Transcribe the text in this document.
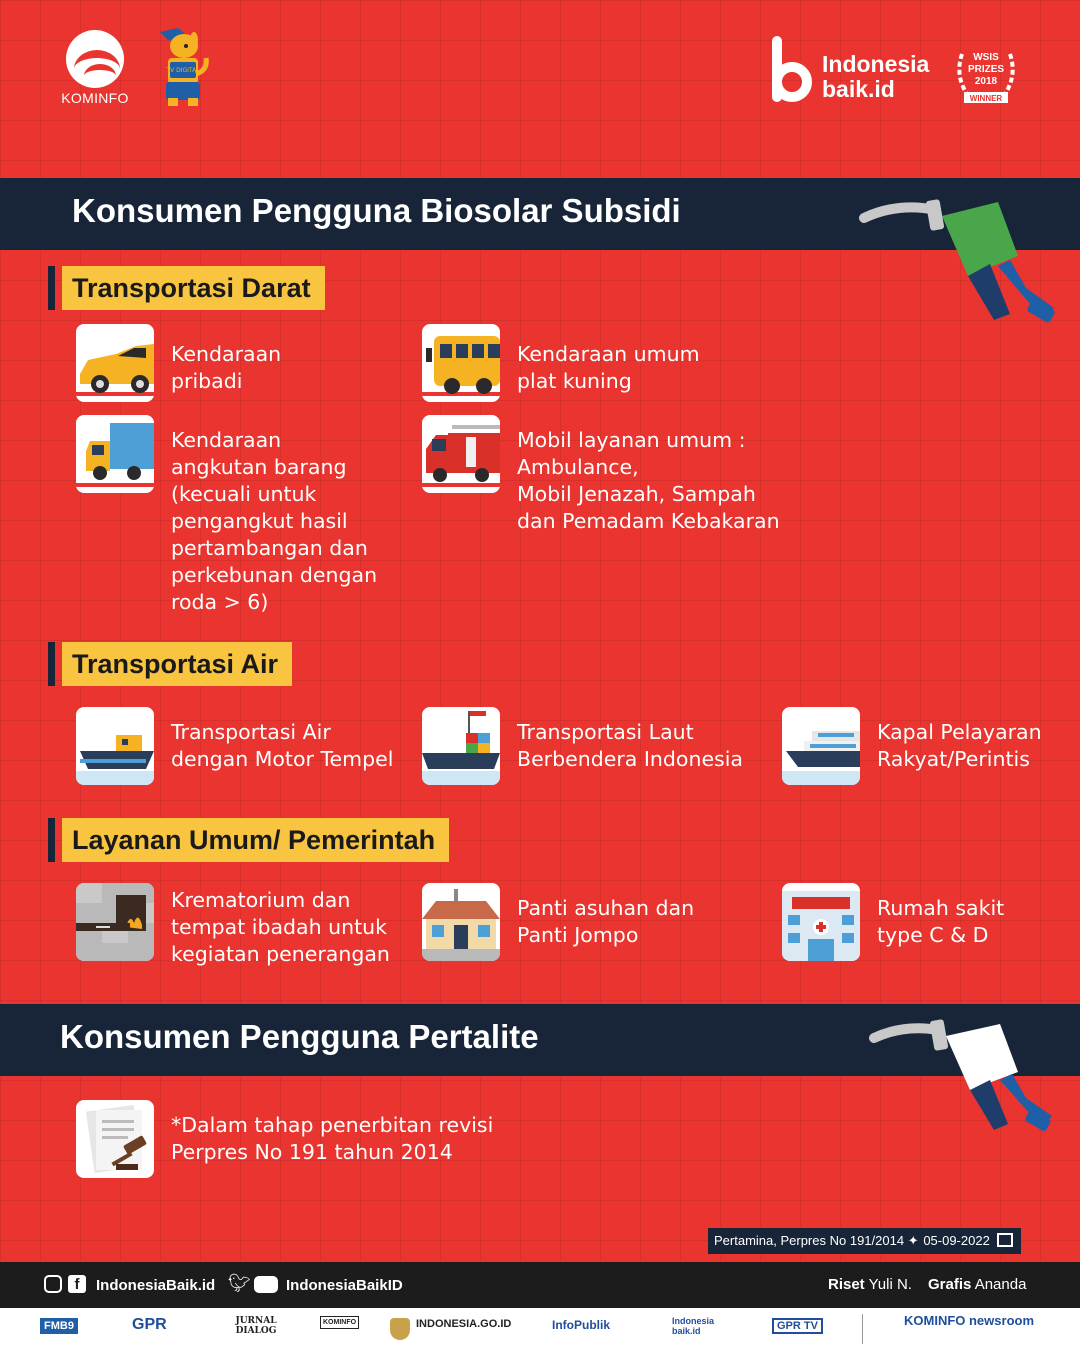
KOMINFO
TV DIGITAL	Indonesia
baik.id
WSIS
PRIZES
2018
WINNER
Konsumen Pengguna Biosolar Subsidi
Transportasi Darat
Kendaraan
pribadi
Kendaraan umum
plat kuning
Kendaraan
angkutan barang
(kecuali untuk
pengangkut hasil
pertambangan dan
perkebunan dengan
roda > 6)
Mobil layanan umum :
Ambulance,
Mobil Jenazah, Sampah
dan Pemadam Kebakaran
Transportasi Air
Transportasi Air
dengan Motor Tempel
Transportasi Laut
Berbendera Indonesia
Kapal Pelayaran
Rakyat/Perintis
Layanan Umum/ Pemerintah
Krematorium dan
tempat ibadah untuk
kegiatan penerangan
Panti asuhan dan
Panti Jompo
Rumah sakit
type C & D
Konsumen Pengguna Pertalite
*Dalam tahap penerbitan revisi
Perpres No 191 tahun 2014
Pertamina, Perpres No 191/2014 ✦ 05-09-2022
f	IndonesiaBaik.id 🐦︎ IndonesiaBaikID	Riset Yuli N. Grafis Ananda
FMB9	GPR	JURNAL DIALOG
KOMINFO	INDONESIA.GO.ID	InfoPublik	Indonesia baik.id	GPR TV	KOMINFO newsroom
